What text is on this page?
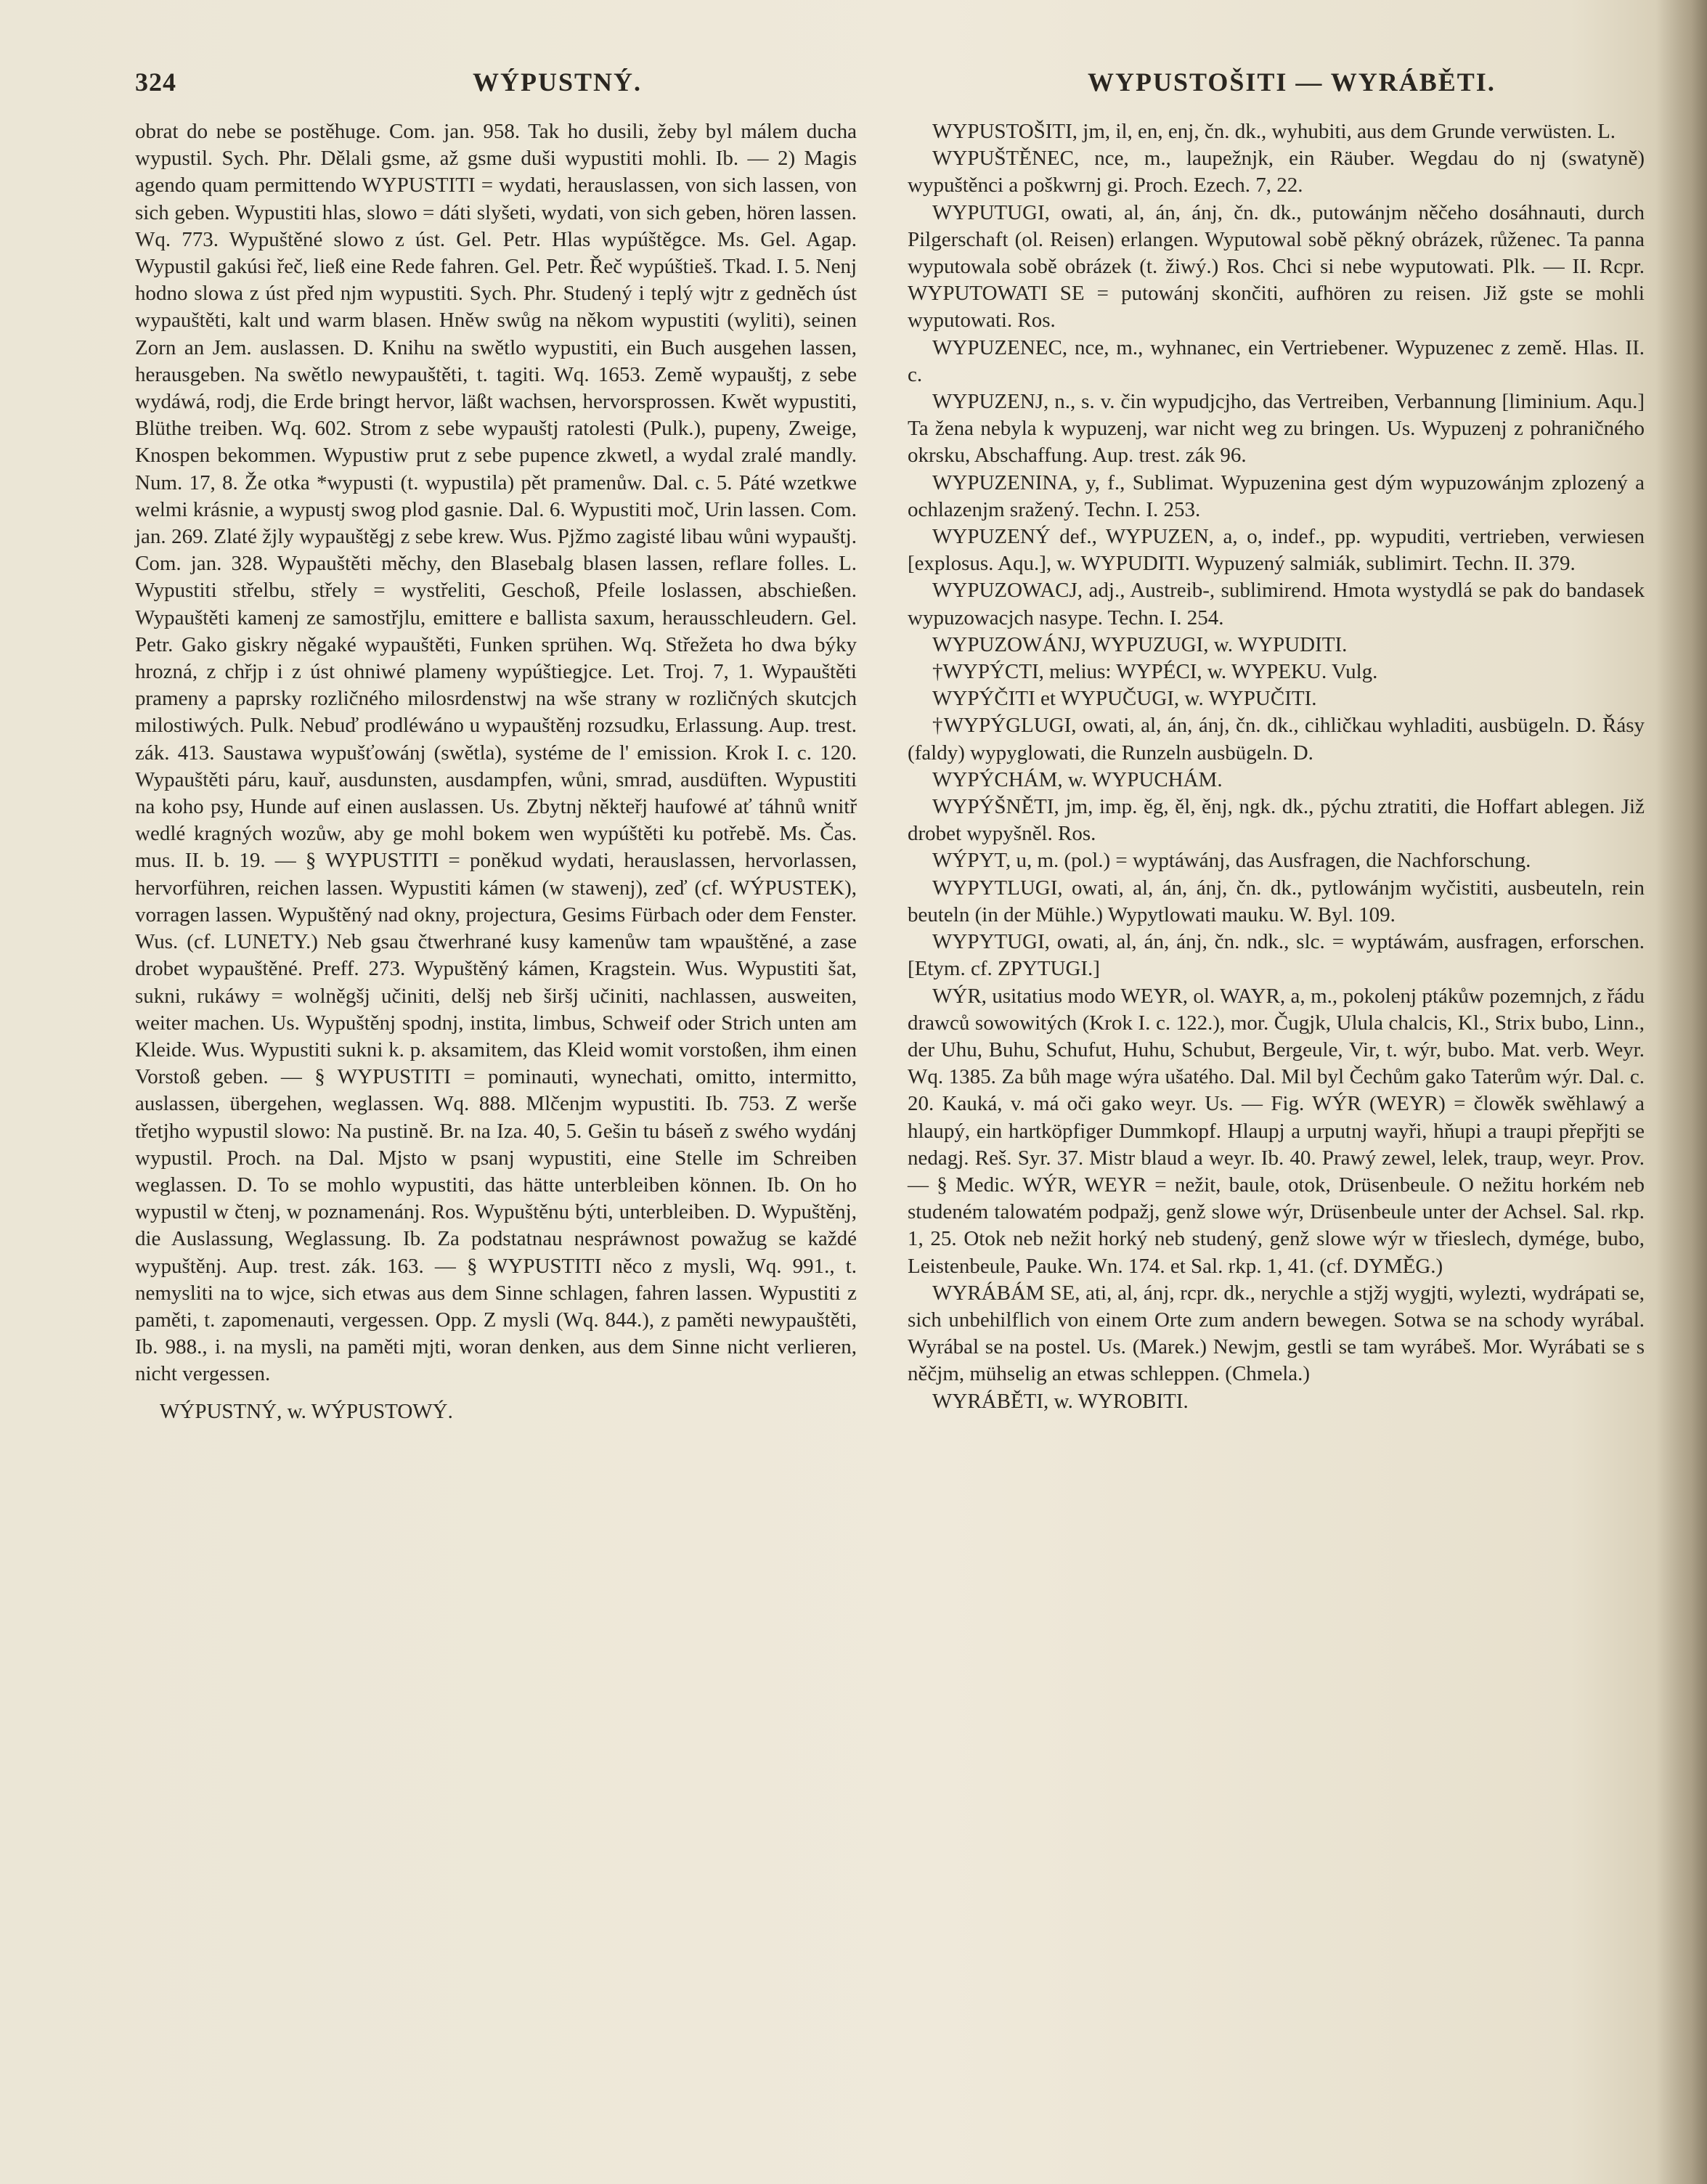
324	WÝPUSTNÝ.	WYPUSTOŠITI — WYRÁBĚTI.

obrat do nebe se postěhuge. Com. jan. 958. Tak ho dusili, žeby byl málem ducha wypustil. Sych. Phr. Dělali gsme, až gsme duši wypustiti mohli. Ib. — 2) Magis agendo quam permittendo WYPUSTITI = wydati, herauslassen, von sich lassen, von sich geben. Wypustiti hlas, slowo = dáti slyšeti, wydati, von sich geben, hören lassen. Wq. 773. Wypuštěné slowo z úst. Gel. Petr. Hlas wypúštěgce. Ms. Gel. Agap. Wypustil gakúsi řeč, ließ eine Rede fahren. Gel. Petr. Řeč wypúštieš. Tkad. I. 5. Nenj hodno slowa z úst před njm wypustiti. Sych. Phr. Studený i teplý wjtr z gedněch úst wypauštěti, kalt und warm blasen. Hněw swůg na někom wypustiti (wyliti), seinen Zorn an Jem. auslassen. D. Knihu na swětlo wypustiti, ein Buch ausgehen lassen, herausgeben. Na swětlo newypauštěti, t. tagiti. Wq. 1653. Země wypauštj, z sebe wydáwá, rodj, die Erde bringt hervor, läßt wachsen, hervorsprossen. Kwět wypustiti, Blüthe treiben. Wq. 602. Strom z sebe wypauštj ratolesti (Pulk.), pupeny, Zweige, Knospen bekommen. Wypustiw prut z sebe pupence zkwetl, a wydal zralé mandly. Num. 17, 8. Že otka *wypusti (t. wypustila) pět pramenůw. Dal. c. 5. Páté wzetkwe welmi krásnie, a wypustj swog plod gasnie. Dal. 6. Wypustiti moč, Urin lassen. Com. jan. 269. Zlaté žjly wypauštěgj z sebe krew. Wus. Pjžmo zagisté libau wůni wypauštj. Com. jan. 328. Wypauštěti měchy, den Blasebalg blasen lassen, reflare folles. L. Wypustiti střelbu, střely = wystřeliti, Geschoß, Pfeile loslassen, abschießen. Wypauštěti kamenj ze samostřjlu, emittere e ballista saxum, herausschleudern. Gel. Petr. Gako giskry něgaké wypauštěti, Funken sprühen. Wq. Střežeta ho dwa býky hrozná, z chřjp i z úst ohniwé plameny wypúštiegjce. Let. Troj. 7, 1. Wypauštěti prameny a paprsky rozličného milosrdenstwj na wše strany w rozličných skutcjch milostiwých. Pulk. Nebuď prodléwáno u wypauštěnj rozsudku, Erlassung. Aup. trest. zák. 413. Saustawa wypušťowánj (swětla), systéme de l' emission. Krok I. c. 120. Wypauštěti páru, kauř, ausdunsten, ausdampfen, wůni, smrad, ausdüften. Wypustiti na koho psy, Hunde auf einen auslassen. Us. Zbytnj někteřj haufowé ať táhnů wnitř wedlé kragných wozůw, aby ge mohl bokem wen wypúštěti ku potřebě. Ms. Čas. mus. II. b. 19. — § WYPUSTITI = poněkud wydati, herauslassen, hervorlassen, hervorführen, reichen lassen. Wypustiti kámen (w stawenj), zeď (cf. WÝPUSTEK), vorragen lassen. Wypuštěný nad okny, projectura, Gesims Fürbach oder dem Fenster. Wus. (cf. LUNETY.) Neb gsau čtwerhrané kusy kamenůw tam wpauštěné, a zase drobet wypauštěné. Preff. 273. Wypuštěný kámen, Kragstein. Wus. Wypustiti šat, sukni, rukáwy = wolněgšj učiniti, delšj neb širšj učiniti, nachlassen, ausweiten, weiter machen. Us. Wypuštěnj spodnj, instita, limbus, Schweif oder Strich unten am Kleide. Wus. Wypustiti sukni k. p. aksamitem, das Kleid womit vorstoßen, ihm einen Vorstoß geben. — § WYPUSTITI = pominauti, wynechati, omitto, intermitto, auslassen, übergehen, weglassen. Wq. 888. Mlčenjm wypustiti. Ib. 753. Z werše třetjho wypustil slowo: Na pustině. Br. na Iza. 40, 5. Gešin tu báseň z swého wydánj wypustil. Proch. na Dal. Mjsto w psanj wypustiti, eine Stelle im Schreiben weglassen. D. To se mohlo wypustiti, das hätte unterbleiben können. Ib. On ho wypustil w čtenj, w poznamenánj. Ros. Wypuštěnu býti, unterbleiben. D. Wypuštěnj, die Auslassung, Weglassung. Ib. Za podstatnau nespráwnost powažug se každé wypuštěnj. Aup. trest. zák. 163. — § WYPUSTITI něco z mysli, Wq. 991., t. nemysliti na to wjce, sich etwas aus dem Sinne schlagen, fahren lassen. Wypustiti z paměti, t. zapomenauti, vergessen. Opp. Z mysli (Wq. 844.), z paměti newypauštěti, Ib. 988., i. na mysli, na paměti mjti, woran denken, aus dem Sinne nicht verlieren, nicht vergessen.

WÝPUSTNÝ, w. WÝPUSTOWÝ.

WYPUSTOŠITI, jm, il, en, enj, čn. dk., wyhubiti, aus dem Grunde verwüsten. L.

WYPUŠTĚNEC, nce, m., laupežnjk, ein Räuber. Wegdau do nj (swatyně) wypuštěnci a poškwrnj gi. Proch. Ezech. 7, 22.

WYPUTUGI, owati, al, án, ánj, čn. dk., putowánjm něčeho dosáhnauti, durch Pilgerschaft (ol. Reisen) erlangen. Wyputowal sobě pěkný obrázek, růženec. Ta panna wyputowala sobě obrázek (t. žiwý.) Ros. Chci si nebe wyputowati. Plk. — II. Rcpr. WYPUTOWATI SE = putowánj skončiti, aufhören zu reisen. Již gste se mohli wyputowati. Ros.

WYPUZENEC, nce, m., wyhnanec, ein Vertriebener. Wypuzenec z země. Hlas. II. c.

WYPUZENJ, n., s. v. čin wypudjcjho, das Vertreiben, Verbannung [liminium. Aqu.] Ta žena nebyla k wypuzenj, war nicht weg zu bringen. Us. Wypuzenj z pohraničného okrsku, Abschaffung. Aup. trest. zák 96.

WYPUZENINA, y, f., Sublimat. Wypuzenina gest dým wypuzowánjm zplozený a ochlazenjm sražený. Techn. I. 253.

WYPUZENÝ def., WYPUZEN, a, o, indef., pp. wypuditi, vertrieben, verwiesen [explosus. Aqu.], w. WYPUDITI. Wypuzený salmiák, sublimirt. Techn. II. 379.

WYPUZOWACJ, adj., Austreib-, sublimirend. Hmota wystydlá se pak do bandasek wypuzowacjch nasype. Techn. I. 254.

WYPUZOWÁNJ, WYPUZUGI, w. WYPUDITI.

†WYPÝCTI, melius: WYPÉCI, w. WYPEKU. Vulg.

WYPÝČITI et WYPUČUGI, w. WYPUČITI.

†WYPÝGLUGI, owati, al, án, ánj, čn. dk., cihličkau wyhladiti, ausbügeln. D. Řásy (faldy) wypyglowati, die Runzeln ausbügeln. D.

WYPÝCHÁM, w. WYPUCHÁM.

WYPÝŠNĚTI, jm, imp. ěg, ěl, ěnj, ngk. dk., pýchu ztratiti, die Hoffart ablegen. Již drobet wypyšněl. Ros.

WÝPYT, u, m. (pol.) = wyptáwánj, das Ausfragen, die Nachforschung.

WYPYTLUGI, owati, al, án, ánj, čn. dk., pytlowánjm wyčistiti, ausbeuteln, rein beuteln (in der Mühle.) Wypytlowati mauku. W. Byl. 109.

WYPYTUGI, owati, al, án, ánj, čn. ndk., slc. = wyptáwám, ausfragen, erforschen. [Etym. cf. ZPYTUGI.]

WÝR, usitatius modo WEYR, ol. WAYR, a, m., pokolenj ptákůw pozemnjch, z řádu drawců sowowitých (Krok I. c. 122.), mor. Čugjk, Ulula chalcis, Kl., Strix bubo, Linn., der Uhu, Buhu, Schufut, Huhu, Schubut, Bergeule, Vir, t. wýr, bubo. Mat. verb. Weyr. Wq. 1385. Za bůh mage wýra ušatého. Dal. Mil byl Čechům gako Taterům wýr. Dal. c. 20. Kauká, v. má oči gako weyr. Us. — Fig. WÝR (WEYR) = člowěk swěhlawý a hlaupý, ein hartköpfiger Dummkopf. Hlaupj a urputnj wayři, hňupi a traupi přepřjti se nedagj. Reš. Syr. 37. Mistr blaud a weyr. Ib. 40. Prawý zewel, lelek, traup, weyr. Prov. — § Medic. WÝR, WEYR = nežit, baule, otok, Drüsenbeule. O nežitu horkém neb studeném talowatém podpažj, genž slowe wýr, Drüsenbeule unter der Achsel. Sal. rkp. 1, 25. Otok neb nežit horký neb studený, genž slowe wýr w třieslech, dymége, bubo, Leistenbeule, Pauke. Wn. 174. et Sal. rkp. 1, 41. (cf. DYMĚG.)

WYRÁBÁM SE, ati, al, ánj, rcpr. dk., nerychle a stjžj wygjti, wylezti, wydrápati se, sich unbehilflich von einem Orte zum andern bewegen. Sotwa se na schody wyrábal. Wyrábal se na postel. Us. (Marek.) Newjm, gestli se tam wyrábeš. Mor. Wyrábati se s něčjm, mühselig an etwas schleppen. (Chmela.)

WYRÁBĚTI, w. WYROBITI.
